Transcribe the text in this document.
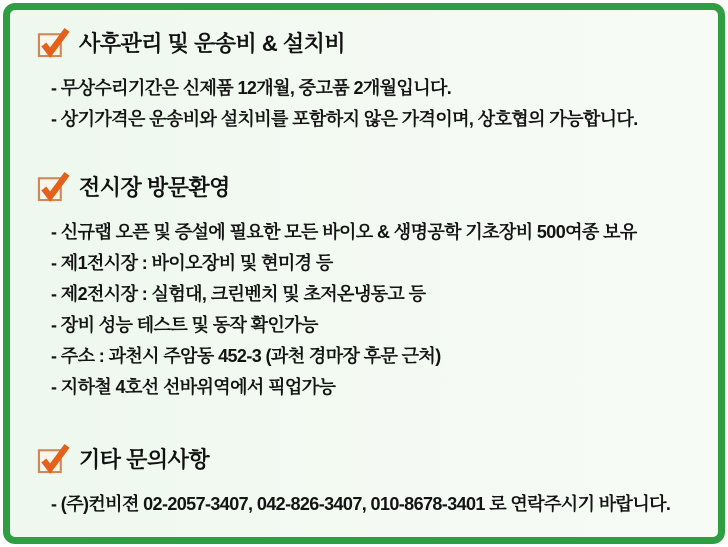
사후관리 및 운송비 & 설치비
- 무상수리기간은 신제품 12개월, 중고품 2개월입니다.
- 상기가격은 운송비와 설치비를 포함하지 않은 가격이며, 상호협의 가능합니다.
전시장 방문환영
- 신규랩 오픈 및 증설에 필요한 모든 바이오 & 생명공학 기초장비 500여종 보유
- 제1전시장 : 바이오장비 및 현미경 등
- 제2전시장 : 실험대, 크린벤치 및 초저온냉동고 등
- 장비 성능 테스트 및 동작 확인가능
- 주소 : 과천시 주암동 452-3 (과천 경마장 후문 근처)
- 지하철 4호선 선바위역에서 픽업가능
기타 문의사항
- (주)컨비젼 02-2057-3407, 042-826-3407, 010-8678-3401 로 연락주시기 바랍니다.
